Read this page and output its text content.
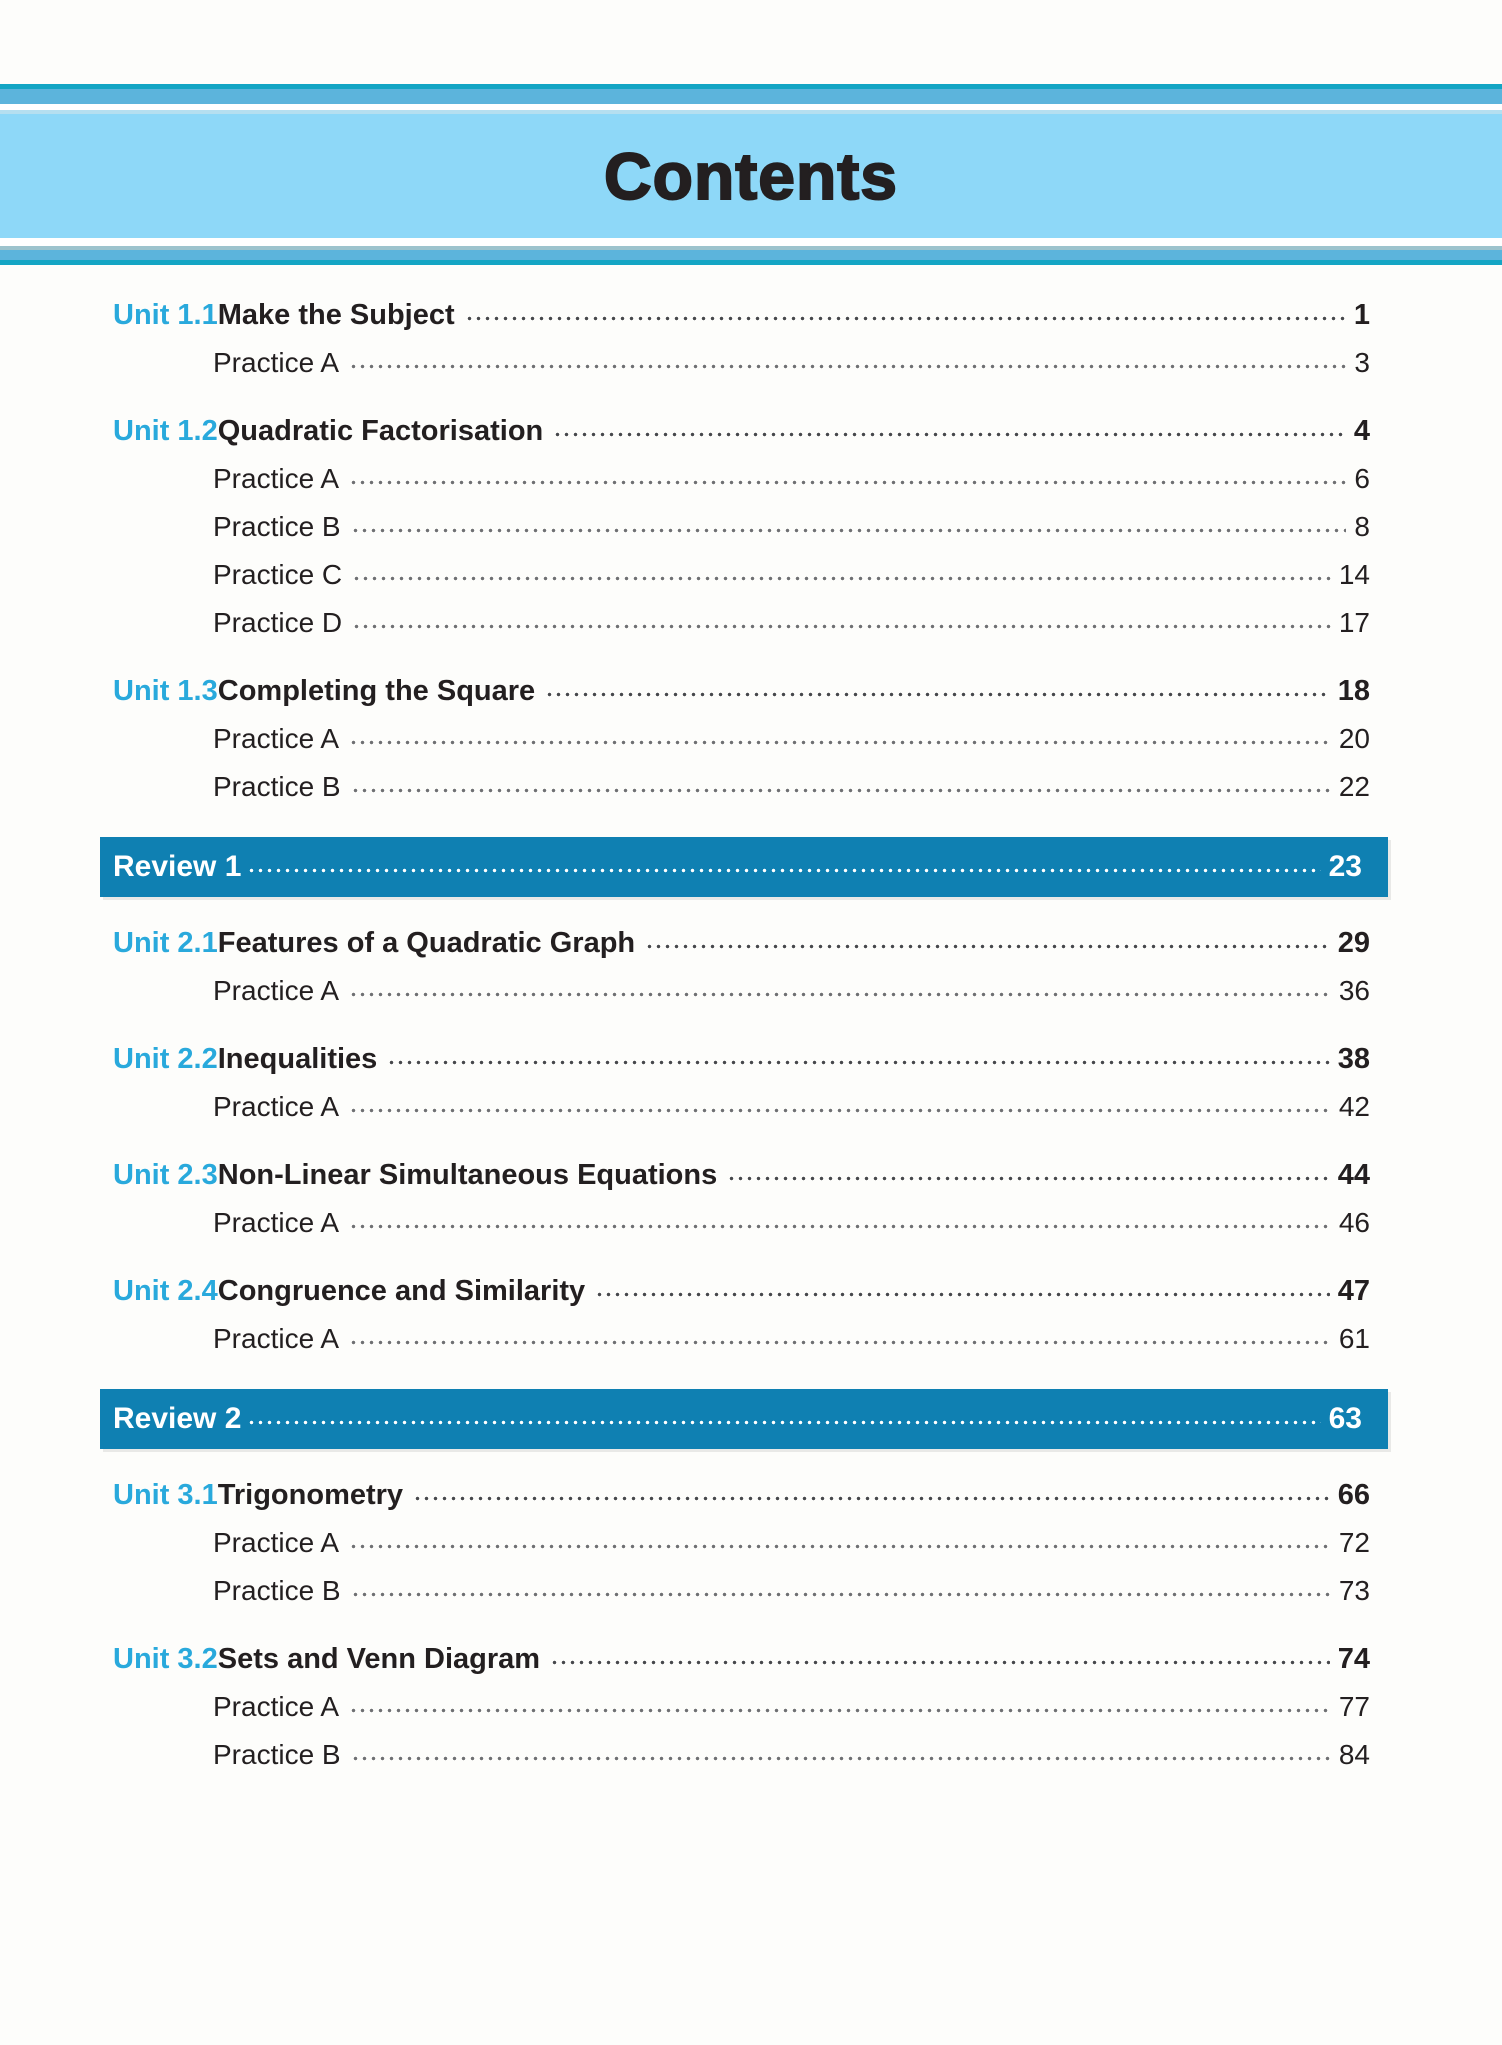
Contents
Unit 1.1 Make the Subject	1
Practice A	3
Unit 1.2 Quadratic Factorisation	4
Practice A	6
Practice B	8
Practice C	14
Practice D	17
Unit 1.3 Completing the Square	18
Practice A	20
Practice B	22
Review 1	23
Unit 2.1 Features of a Quadratic Graph	29
Practice A	36
Unit 2.2 Inequalities	38
Practice A	42
Unit 2.3 Non-Linear Simultaneous Equations	44
Practice A	46
Unit 2.4 Congruence and Similarity	47
Practice A	61
Review 2	63
Unit 3.1 Trigonometry	66
Practice A	72
Practice B	73
Unit 3.2 Sets and Venn Diagram	74
Practice A	77
Practice B	84
